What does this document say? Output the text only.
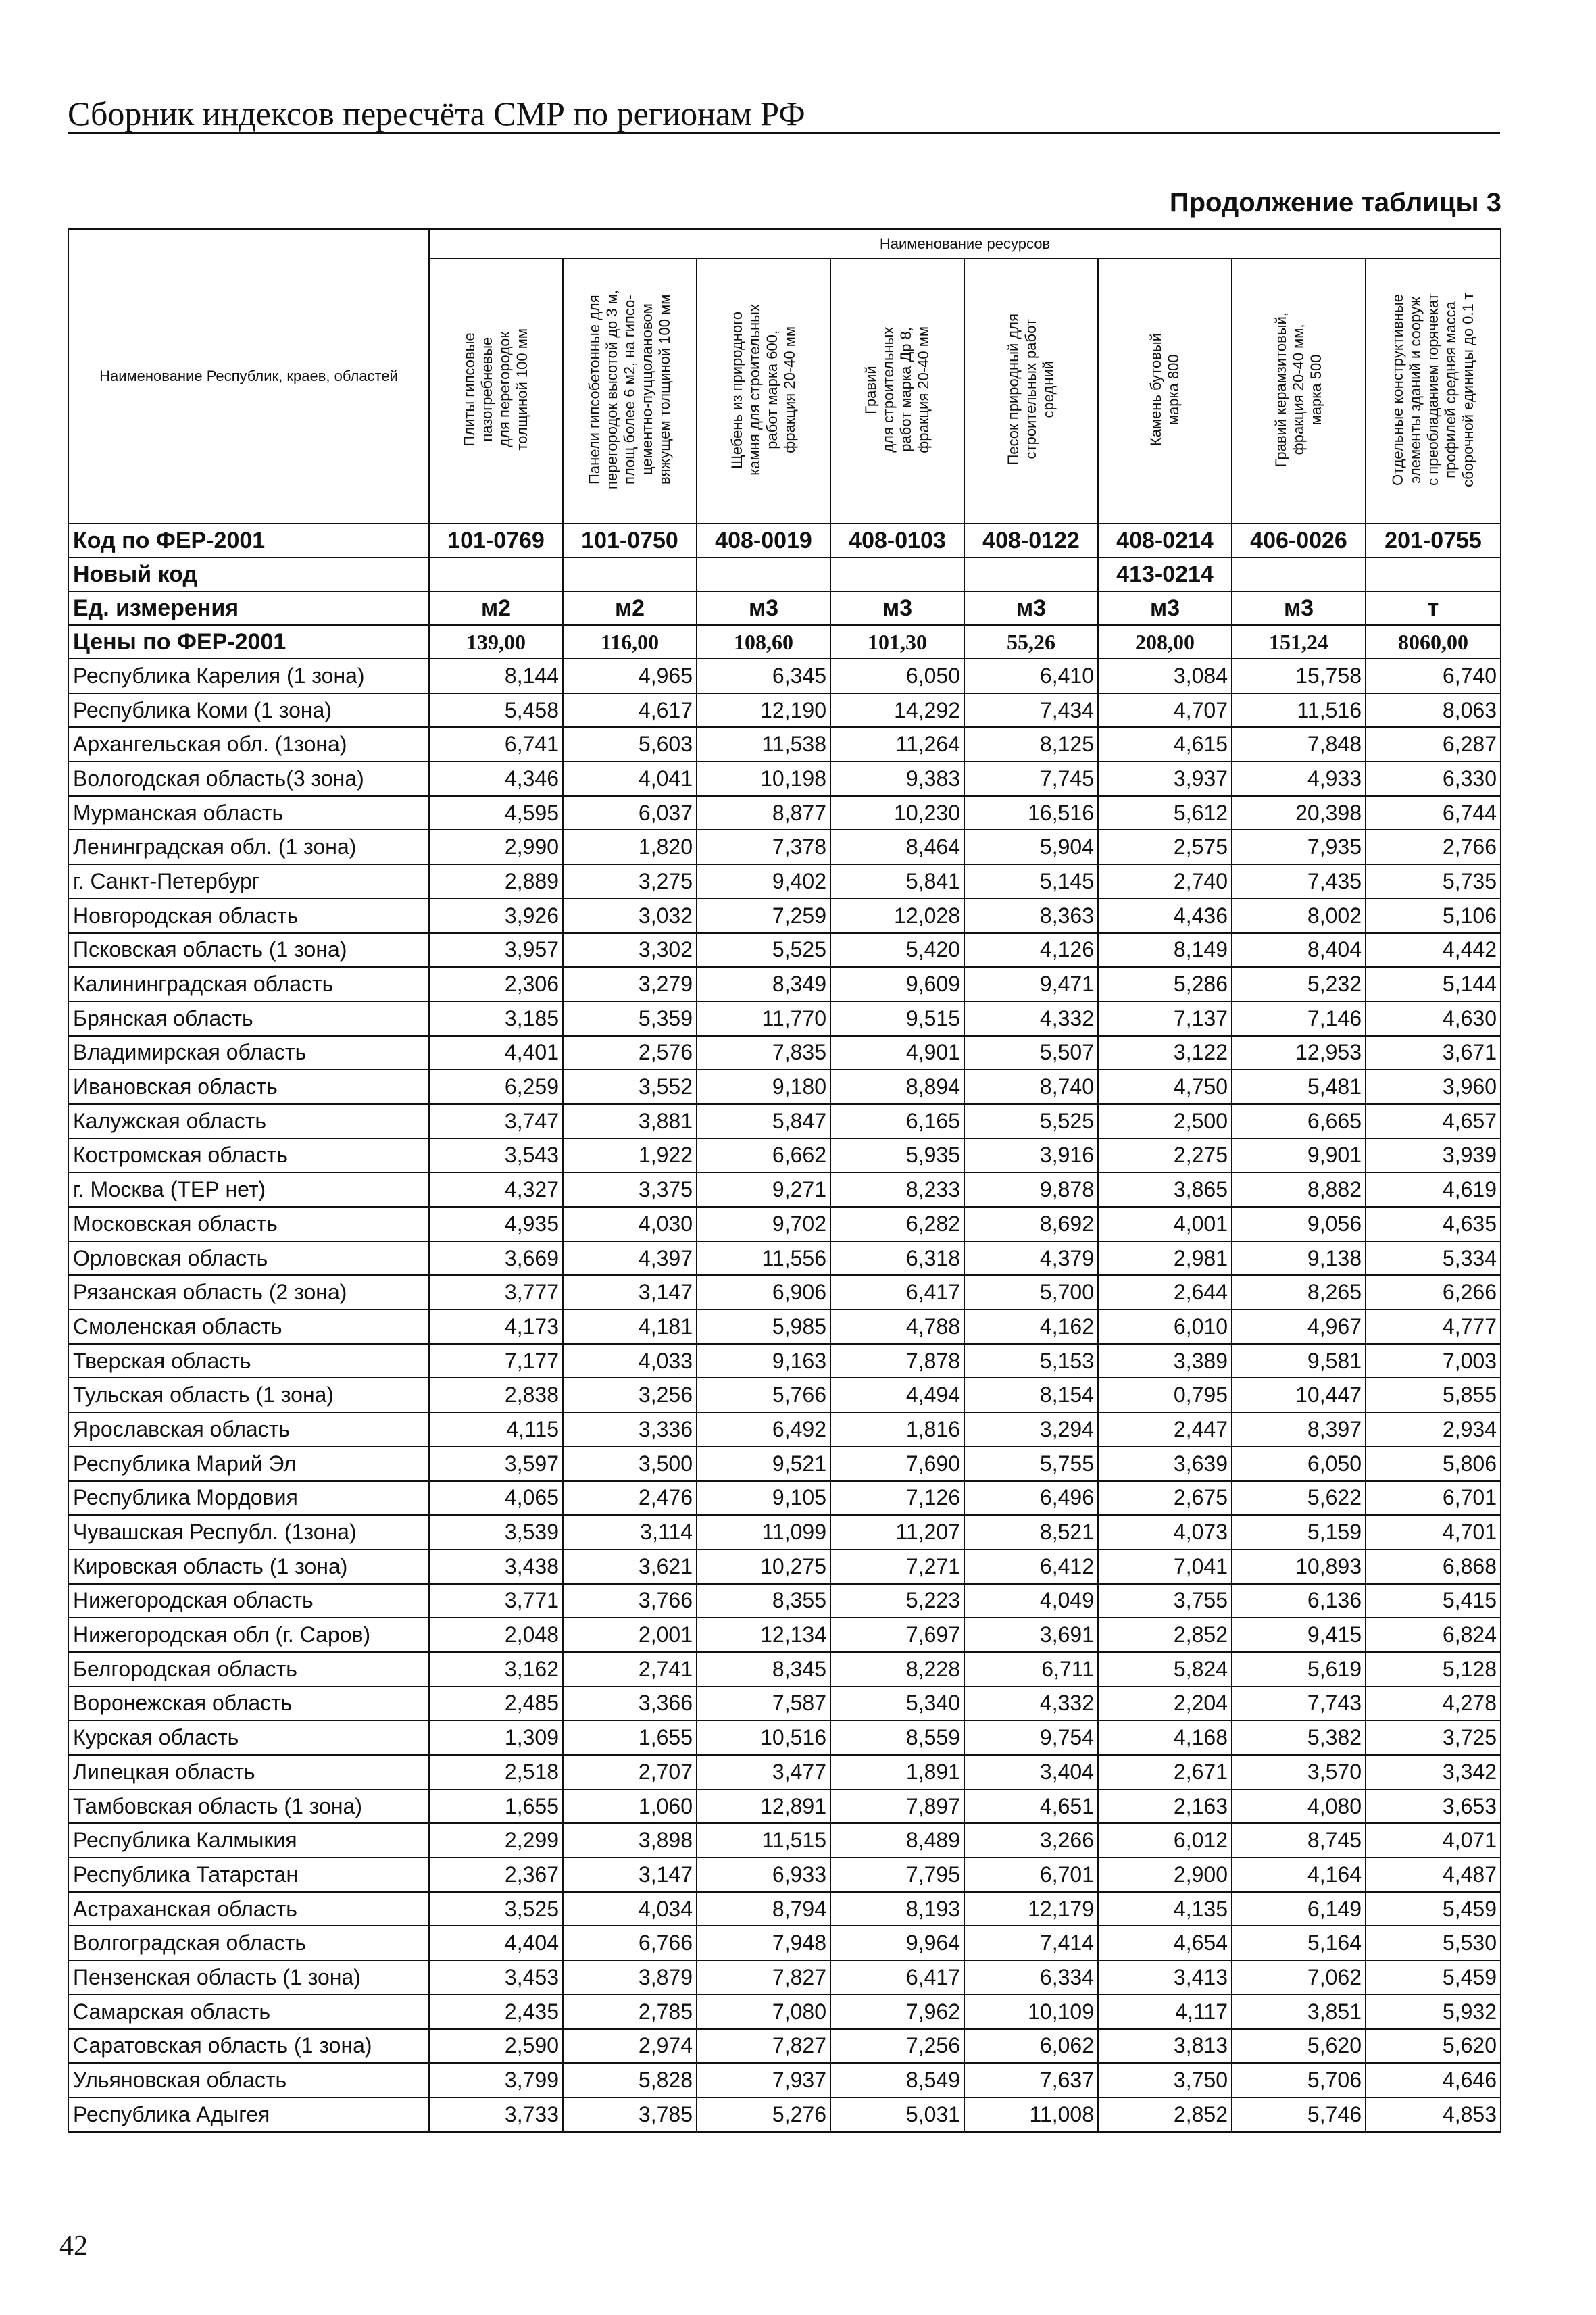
Сборник индексов пересчёта СМР по регионам РФ
Продолжение таблицы 3
Наименование Республик, краев, областей	Наименование ресурсов							
	Плиты гипсовые
пазогребневые
для перегородок
толщиной 100 мм	Панели гипсобетонные для
перегородок высотой до 3 м,
площ более 6 м2, на гипсо-
цементно-пуццолановом
вяжущем толщиной 100 мм	Щебень из природного
камня для строительных
работ марка 600,
фракция 20-40 мм	Гравий
для строительных
работ марка Др 8,
фракция 20-40 мм	Песок природный для
строительных работ
средний	Камень бутовый
марка 800	Гравий керамзитовый,
фракция 20-40 мм,
марка 500	Отдельные конструктивные
элементы зданий и сооруж
с преобладанием горячекат
профилей средняя масса
сборочной единицы до 0.1 т
Код по ФЕР-2001	101-0769	101-0750	408-0019	408-0103	408-0122	408-0214	406-0026	201-0755
Новый код						413-0214		
Ед. измерения	м2	м2	м3	м3	м3	м3	м3	т
Цены по ФЕР-2001	139,00	116,00	108,60	101,30	55,26	208,00	151,24	8060,00
Республика Карелия (1 зона)	8,144	4,965	6,345	6,050	6,410	3,084	15,758	6,740
Республика Коми (1 зона)	5,458	4,617	12,190	14,292	7,434	4,707	11,516	8,063
Архангельская обл. (1зона)	6,741	5,603	11,538	11,264	8,125	4,615	7,848	6,287
Вологодская область(3 зона)	4,346	4,041	10,198	9,383	7,745	3,937	4,933	6,330
Мурманская область	4,595	6,037	8,877	10,230	16,516	5,612	20,398	6,744
Ленинградская обл. (1 зона)	2,990	1,820	7,378	8,464	5,904	2,575	7,935	2,766
г. Санкт-Петербург	2,889	3,275	9,402	5,841	5,145	2,740	7,435	5,735
Новгородская область	3,926	3,032	7,259	12,028	8,363	4,436	8,002	5,106
Псковская область (1 зона)	3,957	3,302	5,525	5,420	4,126	8,149	8,404	4,442
Калининградская область	2,306	3,279	8,349	9,609	9,471	5,286	5,232	5,144
Брянская область	3,185	5,359	11,770	9,515	4,332	7,137	7,146	4,630
Владимирская область	4,401	2,576	7,835	4,901	5,507	3,122	12,953	3,671
Ивановская область	6,259	3,552	9,180	8,894	8,740	4,750	5,481	3,960
Калужская область	3,747	3,881	5,847	6,165	5,525	2,500	6,665	4,657
Костромская область	3,543	1,922	6,662	5,935	3,916	2,275	9,901	3,939
г. Москва (ТЕР нет)	4,327	3,375	9,271	8,233	9,878	3,865	8,882	4,619
Московская область	4,935	4,030	9,702	6,282	8,692	4,001	9,056	4,635
Орловская область	3,669	4,397	11,556	6,318	4,379	2,981	9,138	5,334
Рязанская область (2 зона)	3,777	3,147	6,906	6,417	5,700	2,644	8,265	6,266
Смоленская область	4,173	4,181	5,985	4,788	4,162	6,010	4,967	4,777
Тверская область	7,177	4,033	9,163	7,878	5,153	3,389	9,581	7,003
Тульская область (1 зона)	2,838	3,256	5,766	4,494	8,154	0,795	10,447	5,855
Ярославская область	4,115	3,336	6,492	1,816	3,294	2,447	8,397	2,934
Республика Марий Эл	3,597	3,500	9,521	7,690	5,755	3,639	6,050	5,806
Республика Мордовия	4,065	2,476	9,105	7,126	6,496	2,675	5,622	6,701
Чувашская Республ. (1зона)	3,539	3,114	11,099	11,207	8,521	4,073	5,159	4,701
Кировская область (1 зона)	3,438	3,621	10,275	7,271	6,412	7,041	10,893	6,868
Нижегородская область	3,771	3,766	8,355	5,223	4,049	3,755	6,136	5,415
Нижегородская обл (г. Саров)	2,048	2,001	12,134	7,697	3,691	2,852	9,415	6,824
Белгородская область	3,162	2,741	8,345	8,228	6,711	5,824	5,619	5,128
Воронежская область	2,485	3,366	7,587	5,340	4,332	2,204	7,743	4,278
Курская область	1,309	1,655	10,516	8,559	9,754	4,168	5,382	3,725
Липецкая область	2,518	2,707	3,477	1,891	3,404	2,671	3,570	3,342
Тамбовская область (1 зона)	1,655	1,060	12,891	7,897	4,651	2,163	4,080	3,653
Республика Калмыкия	2,299	3,898	11,515	8,489	3,266	6,012	8,745	4,071
Республика Татарстан	2,367	3,147	6,933	7,795	6,701	2,900	4,164	4,487
Астраханская область	3,525	4,034	8,794	8,193	12,179	4,135	6,149	5,459
Волгоградская область	4,404	6,766	7,948	9,964	7,414	4,654	5,164	5,530
Пензенская область (1 зона)	3,453	3,879	7,827	6,417	6,334	3,413	7,062	5,459
Самарская область	2,435	2,785	7,080	7,962	10,109	4,117	3,851	5,932
Саратовская область (1 зона)	2,590	2,974	7,827	7,256	6,062	3,813	5,620	5,620
Ульяновская область	3,799	5,828	7,937	8,549	7,637	3,750	5,706	4,646
Республика Адыгея	3,733	3,785	5,276	5,031	11,008	2,852	5,746	4,853
42
